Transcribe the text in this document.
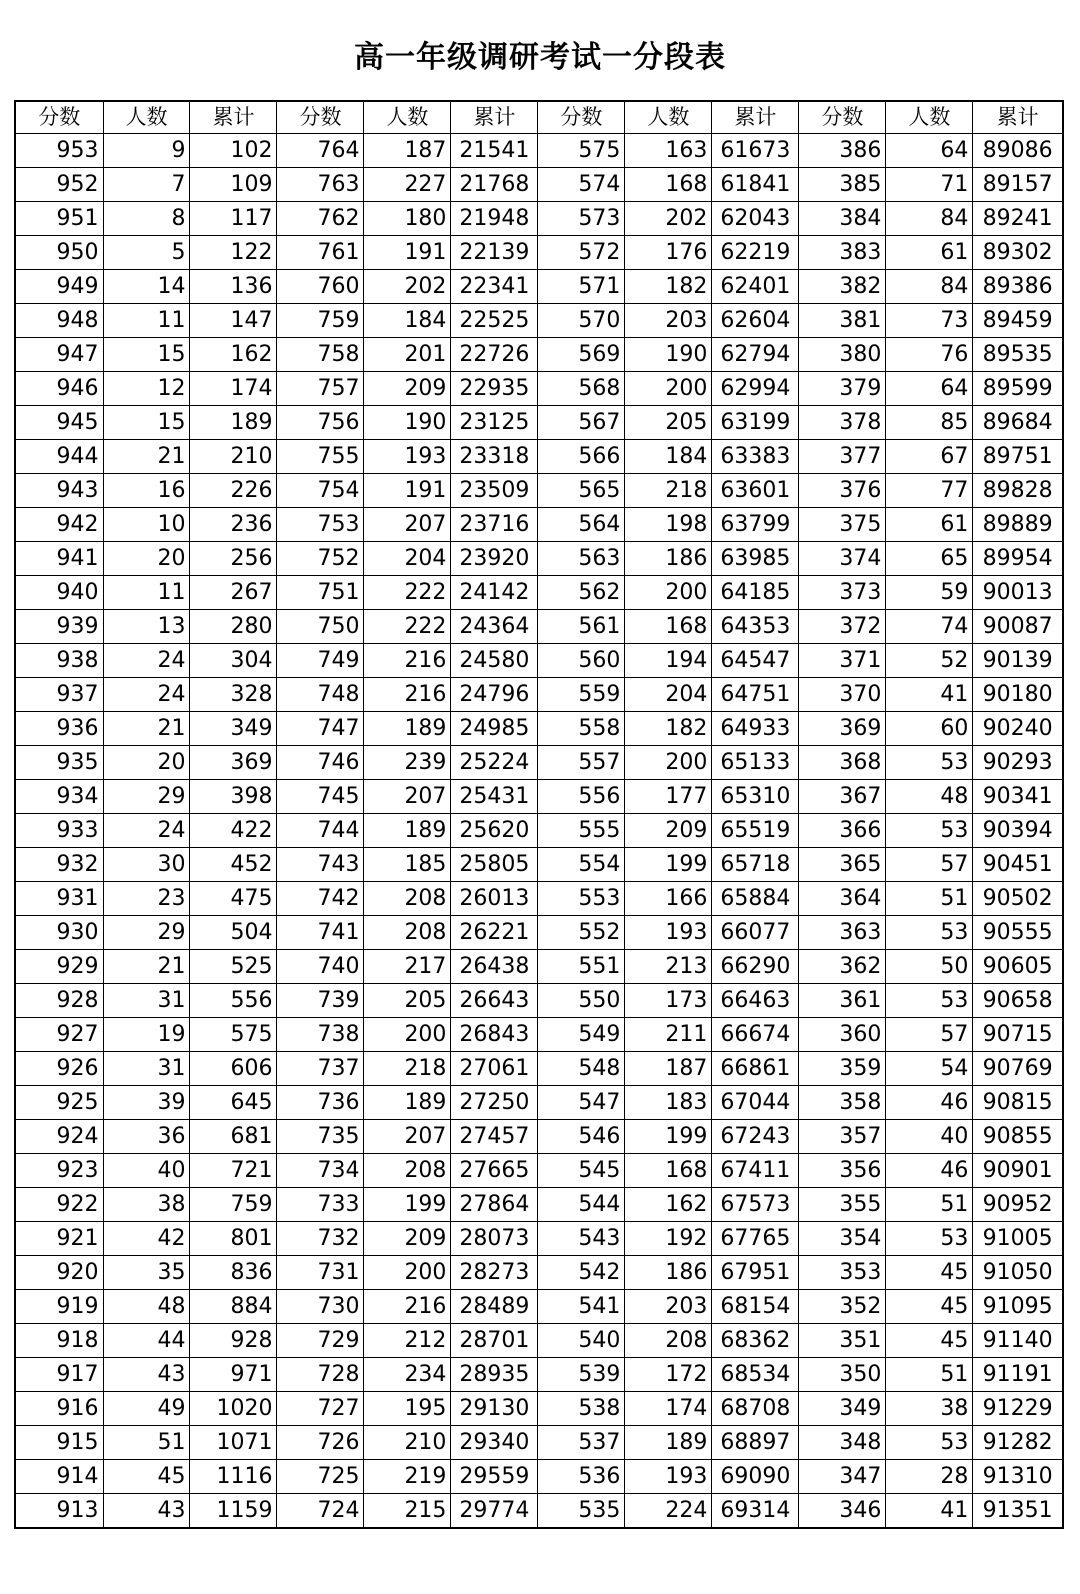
高一年级调研考试一分段表
分数	人数	累计	分数	人数	累计	分数	人数	累计	分数	人数	累计
953	9	102	764	187	21541	575	163	61673	386	64	89086
952	7	109	763	227	21768	574	168	61841	385	71	89157
951	8	117	762	180	21948	573	202	62043	384	84	89241
950	5	122	761	191	22139	572	176	62219	383	61	89302
949	14	136	760	202	22341	571	182	62401	382	84	89386
948	11	147	759	184	22525	570	203	62604	381	73	89459
947	15	162	758	201	22726	569	190	62794	380	76	89535
946	12	174	757	209	22935	568	200	62994	379	64	89599
945	15	189	756	190	23125	567	205	63199	378	85	89684
944	21	210	755	193	23318	566	184	63383	377	67	89751
943	16	226	754	191	23509	565	218	63601	376	77	89828
942	10	236	753	207	23716	564	198	63799	375	61	89889
941	20	256	752	204	23920	563	186	63985	374	65	89954
940	11	267	751	222	24142	562	200	64185	373	59	90013
939	13	280	750	222	24364	561	168	64353	372	74	90087
938	24	304	749	216	24580	560	194	64547	371	52	90139
937	24	328	748	216	24796	559	204	64751	370	41	90180
936	21	349	747	189	24985	558	182	64933	369	60	90240
935	20	369	746	239	25224	557	200	65133	368	53	90293
934	29	398	745	207	25431	556	177	65310	367	48	90341
933	24	422	744	189	25620	555	209	65519	366	53	90394
932	30	452	743	185	25805	554	199	65718	365	57	90451
931	23	475	742	208	26013	553	166	65884	364	51	90502
930	29	504	741	208	26221	552	193	66077	363	53	90555
929	21	525	740	217	26438	551	213	66290	362	50	90605
928	31	556	739	205	26643	550	173	66463	361	53	90658
927	19	575	738	200	26843	549	211	66674	360	57	90715
926	31	606	737	218	27061	548	187	66861	359	54	90769
925	39	645	736	189	27250	547	183	67044	358	46	90815
924	36	681	735	207	27457	546	199	67243	357	40	90855
923	40	721	734	208	27665	545	168	67411	356	46	90901
922	38	759	733	199	27864	544	162	67573	355	51	90952
921	42	801	732	209	28073	543	192	67765	354	53	91005
920	35	836	731	200	28273	542	186	67951	353	45	91050
919	48	884	730	216	28489	541	203	68154	352	45	91095
918	44	928	729	212	28701	540	208	68362	351	45	91140
917	43	971	728	234	28935	539	172	68534	350	51	91191
916	49	1020	727	195	29130	538	174	68708	349	38	91229
915	51	1071	726	210	29340	537	189	68897	348	53	91282
914	45	1116	725	219	29559	536	193	69090	347	28	91310
913	43	1159	724	215	29774	535	224	69314	346	41	91351
